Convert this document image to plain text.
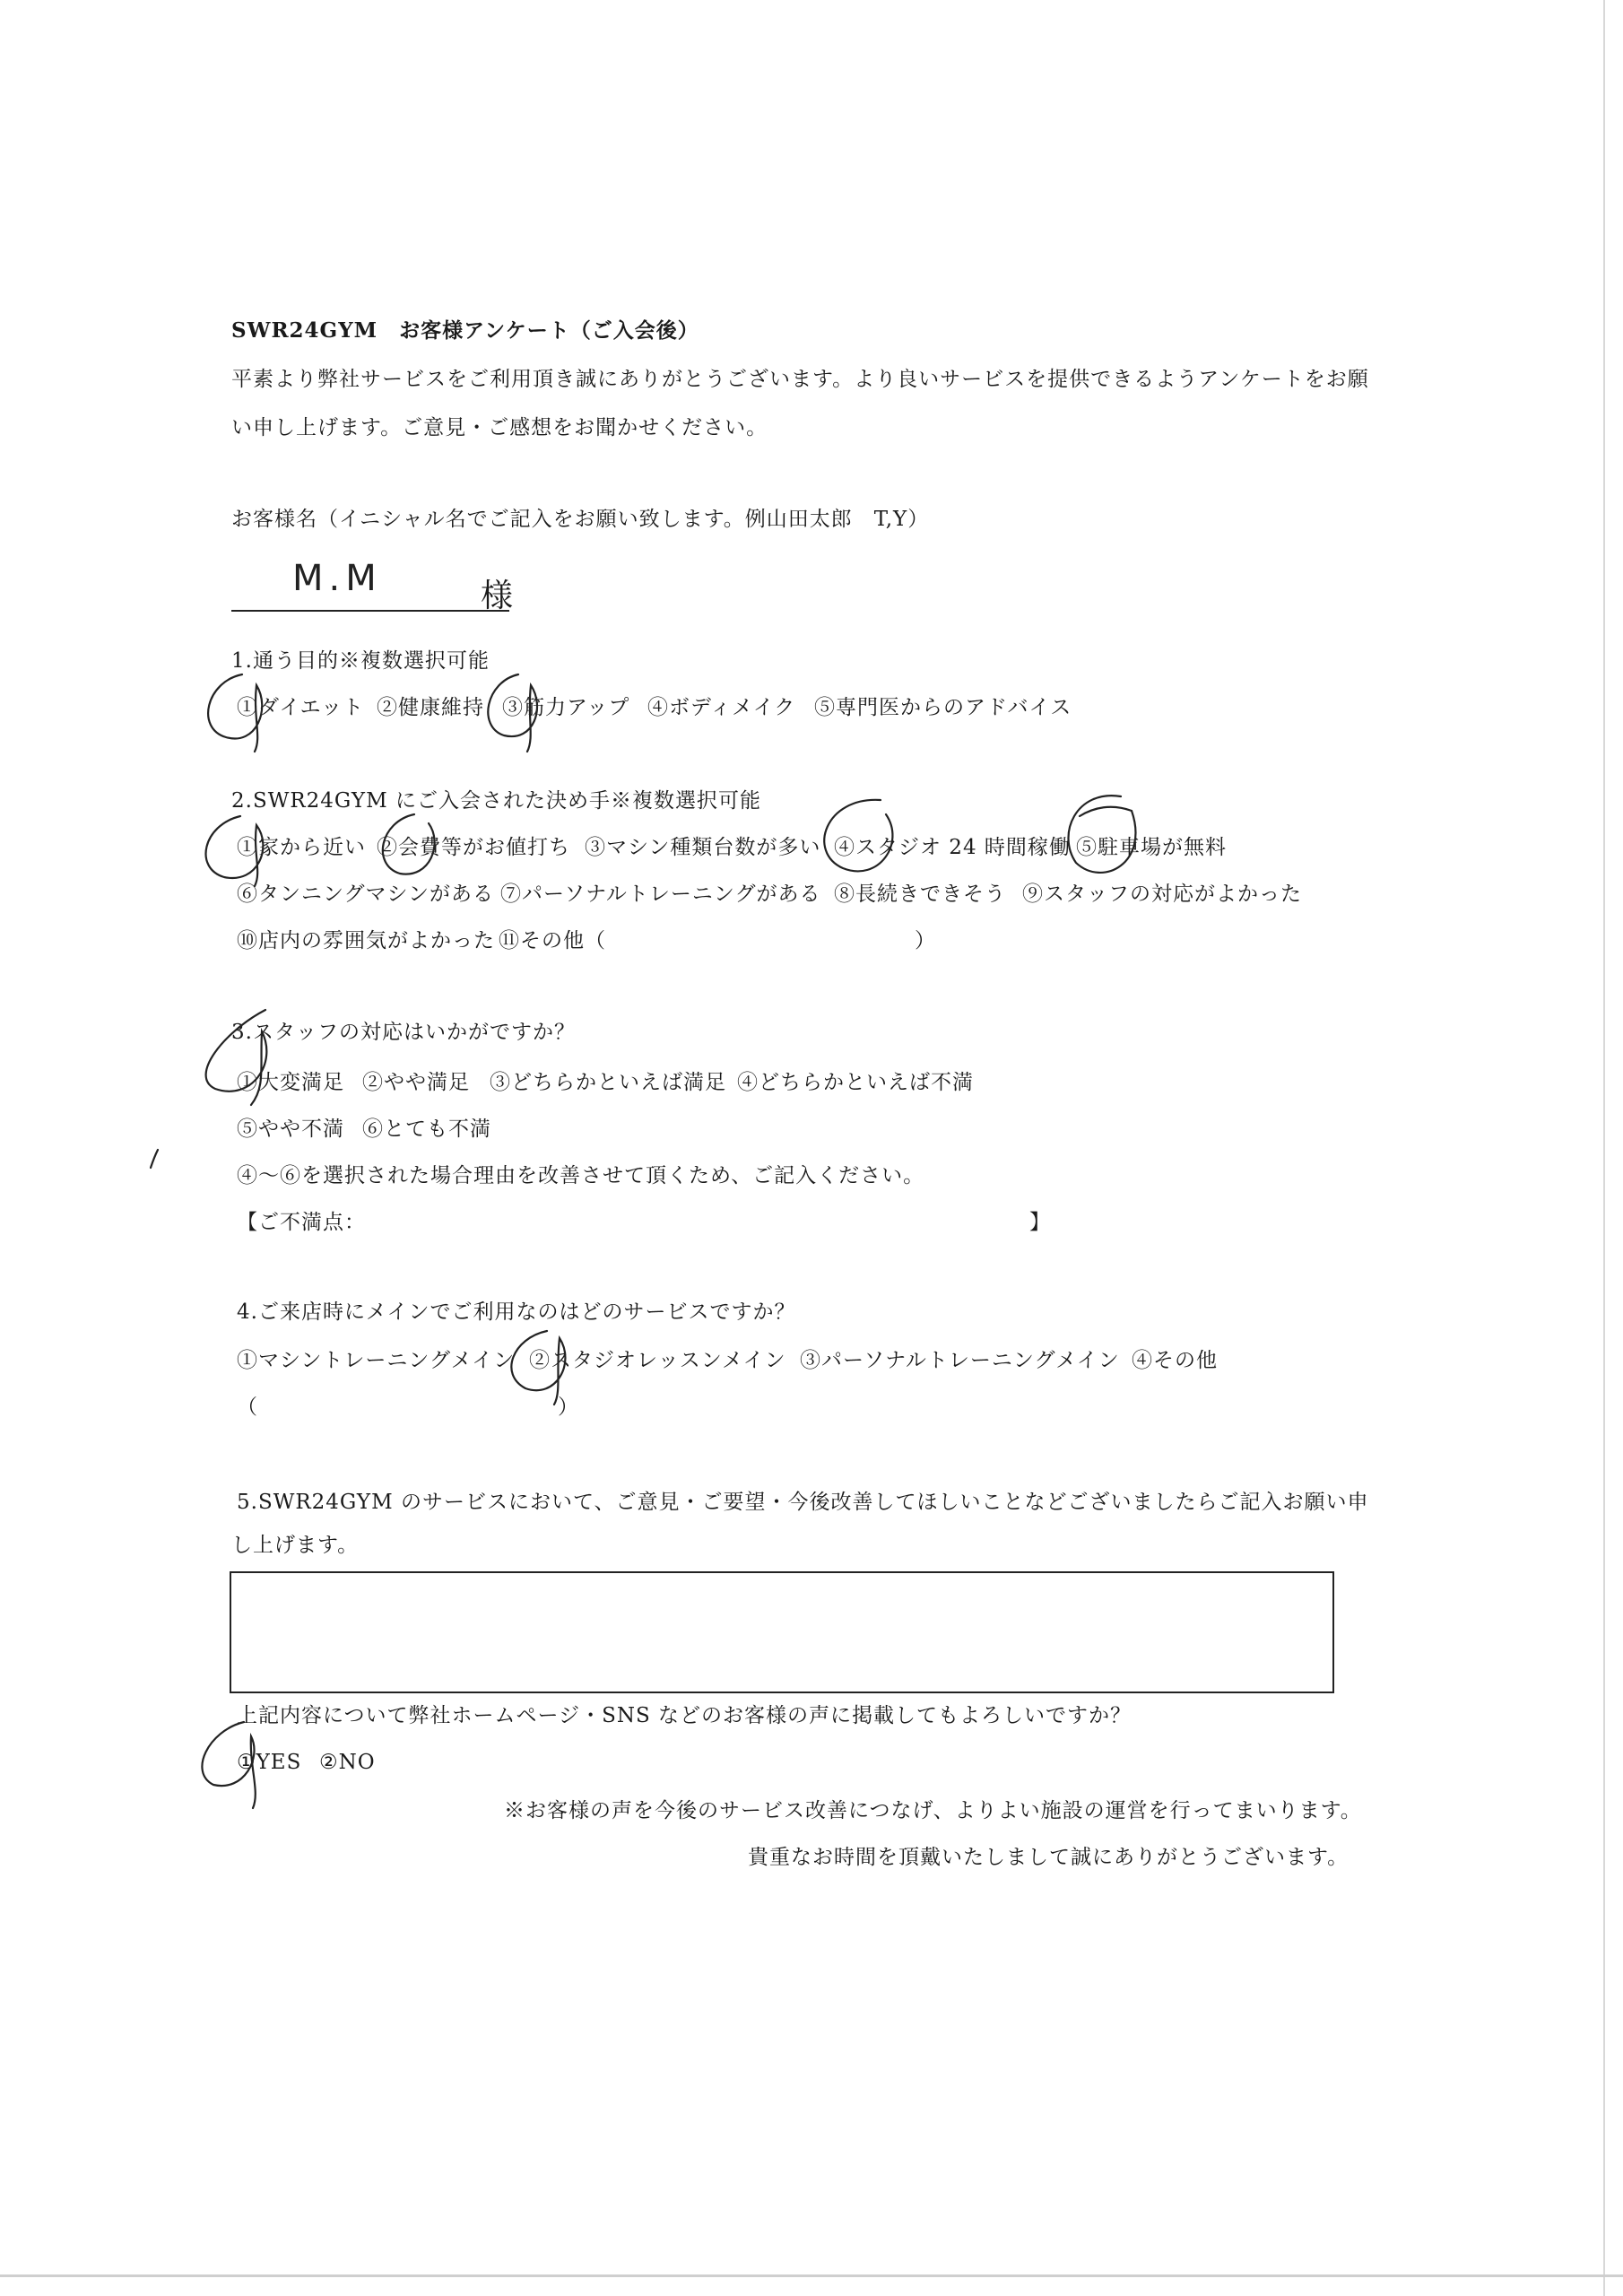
SWR24GYM　お客様アンケート（ご入会後）
平素より弊社サービスをご利用頂き誠にありがとうございます。より良いサービスを提供できるようアンケートをお願
い申し上げます。ご意見・ご感想をお聞かせください。
お客様名（イニシャル名でご記入をお願い致します。例山田太郎　T,Y）
M.M	様
1.通う目的※複数選択可能
①ダイエット ②健康維持 ③筋力アップ ④ボディメイク ⑤専門医からのアドバイス
2.SWR24GYM にご入会された決め手※複数選択可能
①家から近い ②会費等がお値打ち ③マシン種類台数が多い ④スタジオ 24 時間稼働 ⑤駐車場が無料
⑥タンニングマシンがある ⑦パーソナルトレーニングがある ⑧長続きできそう ⑨スタッフの対応がよかった
⑩店内の雰囲気がよかった ⑪その他（	）
3.スタッフの対応はいかがですか？
①大変満足 ②やや満足 ③どちらかといえば満足 ④どちらかといえば不満
⑤やや不満 ⑥とても不満
④～⑥を選択された場合理由を改善させて頂くため、ご記入ください。
【ご不満点：	】
4.ご来店時にメインでご利用なのはどのサービスですか？
①マシントレーニングメイン ②スタジオレッスンメイン ③パーソナルトレーニングメイン ④その他
（	）
5.SWR24GYM のサービスにおいて、ご意見・ご要望・今後改善してほしいことなどございましたらご記入お願い申
し上げます。
上記内容について弊社ホームページ・SNS などのお客様の声に掲載してもよろしいですか？
①YES ②NO
※お客様の声を今後のサービス改善につなげ、よりよい施設の運営を行ってまいります。
貴重なお時間を頂戴いたしまして誠にありがとうございます。
